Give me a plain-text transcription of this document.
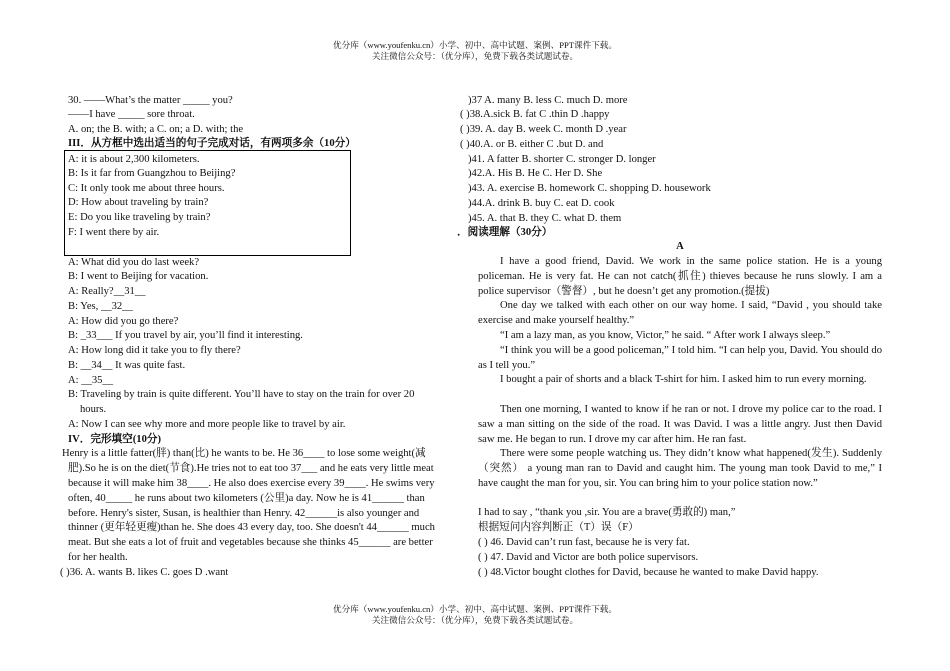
优分库（www.youfenku.cn）小学、初中、高中试题、案例、PPT课件下载。
关注微信公众号：（优分库），免费下载各类试题试卷。
30. ——What’s the matter _____ you?
——I have _____ sore throat.
A. on; the B. with; a C. on; a D. with; the
III．从方框中选出适当的句子完成对话，有两项多余（10分）
A: it is about 2,300 kilometers.
B: Is it far from Guangzhou to Beijing?
C: It only took me about three hours.
D: How about traveling by train?
E: Do you like traveling by train?
F: I went there by air.
A: What did you do last week?
B: I went to Beijing for vacation.
A: Really?__31__
B: Yes, __32__
A: How did you go there?
B: _33___ If you travel by air, you’ll find it interesting.
A: How long did it take you to fly there?
B: __34__ It was quite fast.
A: __35__
B: Traveling by train is quite different. You’ll have to stay on the train for over 20
hours.
A: Now I can see why more and more people like to travel by air.
IV．完形填空(10分)
Henry is a little fatter(胖) than(比) he wants to be. He 36____ to lose some weight(减
肥).So he is on the diet(节食).He tries not to eat too 37___ and he eats very little meat
because it will make him 38____. He also does exercise every 39____. He swims very
often, 40_____ he runs about two kilometers (公里)a day. Now he is 41______ than
before. Henry's sister, Susan, is healthier than Henry. 42______is also younger and
thinner (更年轻更瘦)than he. She does 43 every day, too. She doesn't 44______ much
meat. But she eats a lot of fruit and vegetables because she thinks 45______ are better
for her health.
( )36. A. wants B. likes C. goes D .want
)37 A. many B. less C. much D. more
( )38.A.sick B. fat C .thin D .happy
( )39. A. day B. week C. month D .year
( )40.A. or B. either C .but D. and
)41. A fatter B. shorter C. stronger D. longer
)42.A. His B. He C. Her D. She
)43. A. exercise B. homework C. shopping D. housework
)44.A. drink B. buy C. eat D. cook
)45. A. that B. they C. what D. them
．阅读理解（30分）
A
I have a good friend, David. We work in the same police station. He is a young policeman. He is very fat. He can not catch(抓住) thieves because he runs slowly. I am a police supervisor（警督）, but he doesn’t get any promotion.(提拔)
One day we talked with each other on our way home. I said, “David , you should take exercise and make yourself healthy.”
“I am a lazy man, as you know, Victor,” he said. “ After work I always sleep.”
“I think you will be a good policeman,” I told him. “I can help you, David. You should do as I tell you.”
I bought a pair of shorts and a black T-shirt for him. I asked him to run every morning.
Then one morning, I wanted to know if he ran or not. I drove my police car to the road. I saw a man sitting on the side of the road. It was David. I was a little angry. Just then David saw me. He began to run. I drove my car after him. He ran fast.
There were some people watching us. They didn’t know what happened(发生). Suddenly（突然） a young man ran to David and caught him. The young man took David to me,” I have caught the man for you, sir. You can bring him to your police station now.”
I had to say , “thank you ,sir. You are a brave(勇敢的) man,”
根据短问内容判断正（T）误（F）
( ) 46. David can’t run fast, because he is very fat.
( ) 47. David and Victor are both police supervisors.
( ) 48.Victor bought clothes for David, because he wanted to make David happy.
优分库（www.youfenku.cn）小学、初中、高中试题、案例、PPT课件下载。
关注微信公众号：（优分库），免费下载各类试题试卷。
